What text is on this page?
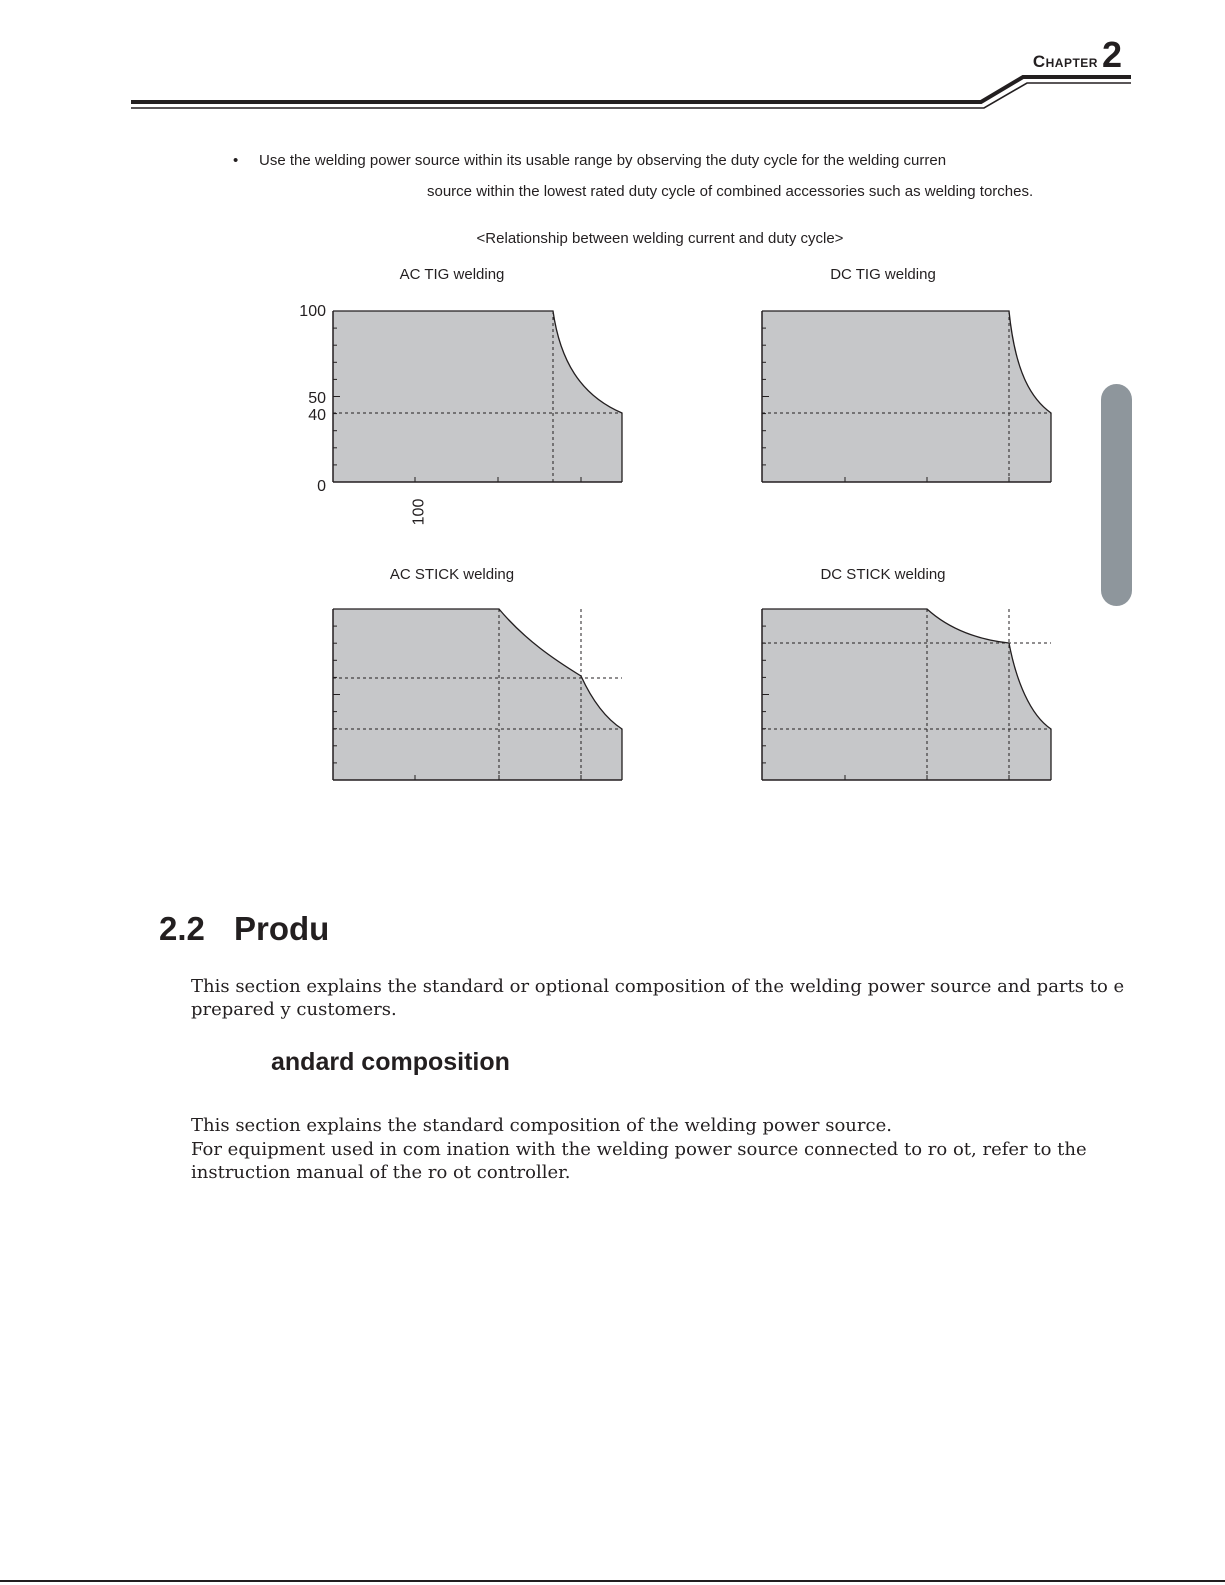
Chapter 2
• Use the welding power source within its usable range by observing the duty cycle for the welding curren
source within the lowest rated duty cycle of combined accessories such as welding torches.
<Relationship between welding current and duty cycle>
AC TIG welding	DC TIG welding
AC STICK welding	DC STICK welding
100
50
40
0
100
2.2 Produ
This section explains the standard or optional composition of the welding power source and parts to e
prepared y customers.
andard composition
This section explains the standard composition of the welding power source.
For equipment used in com ination with the welding power source connected to ro ot, refer to the
instruction manual of the ro ot controller.
